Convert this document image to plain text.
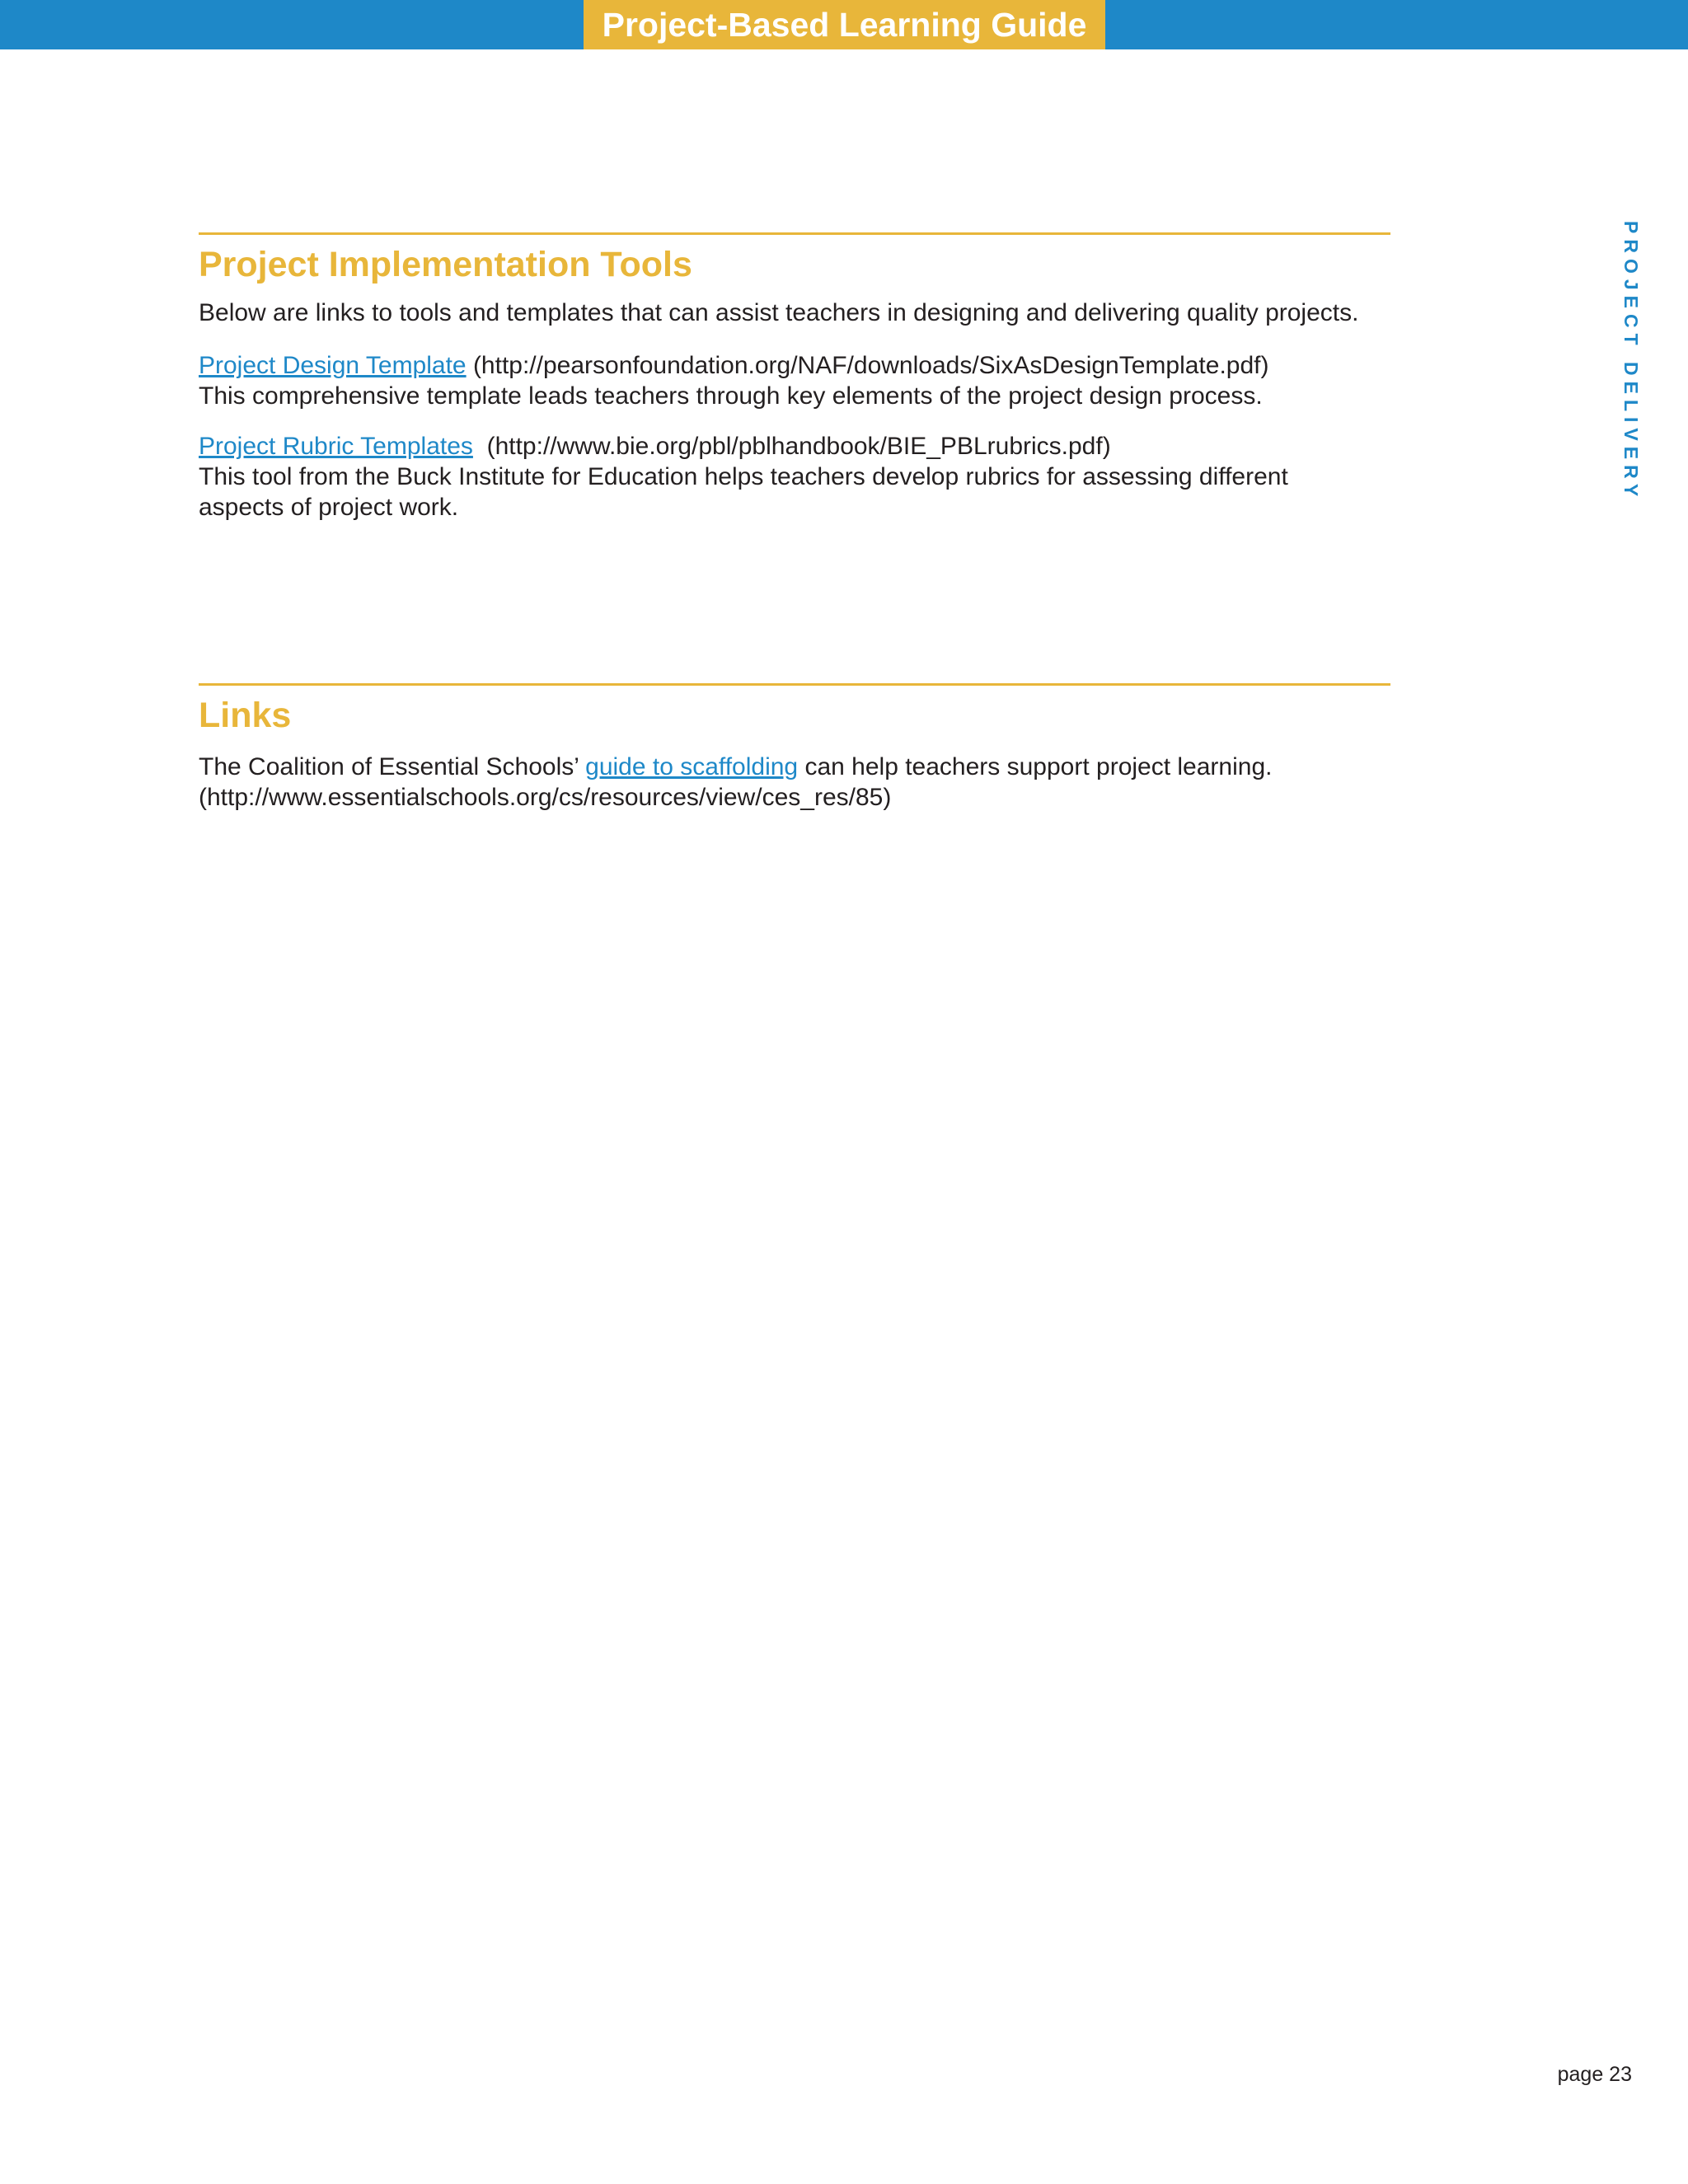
Project-Based Learning Guide
PROJECT DELIVERY
Project Implementation Tools

Below are links to tools and templates that can assist teachers in designing and delivering quality projects.

Project Design Template (http://pearsonfoundation.org/NAF/downloads/SixAsDesignTemplate.pdf)

This comprehensive template leads teachers through key elements of the project design process.

Project Rubric Templates  (http://www.bie.org/pbl/pblhandbook/BIE_PBLrubrics.pdf)

This tool from the Buck Institute for Education helps teachers develop rubrics for assessing different

aspects of project work.

Links

The Coalition of Essential Schools’ guide to scaffolding can help teachers support project learning.

(http://www.essentialschools.org/cs/resources/view/ces_res/85)

page 23
